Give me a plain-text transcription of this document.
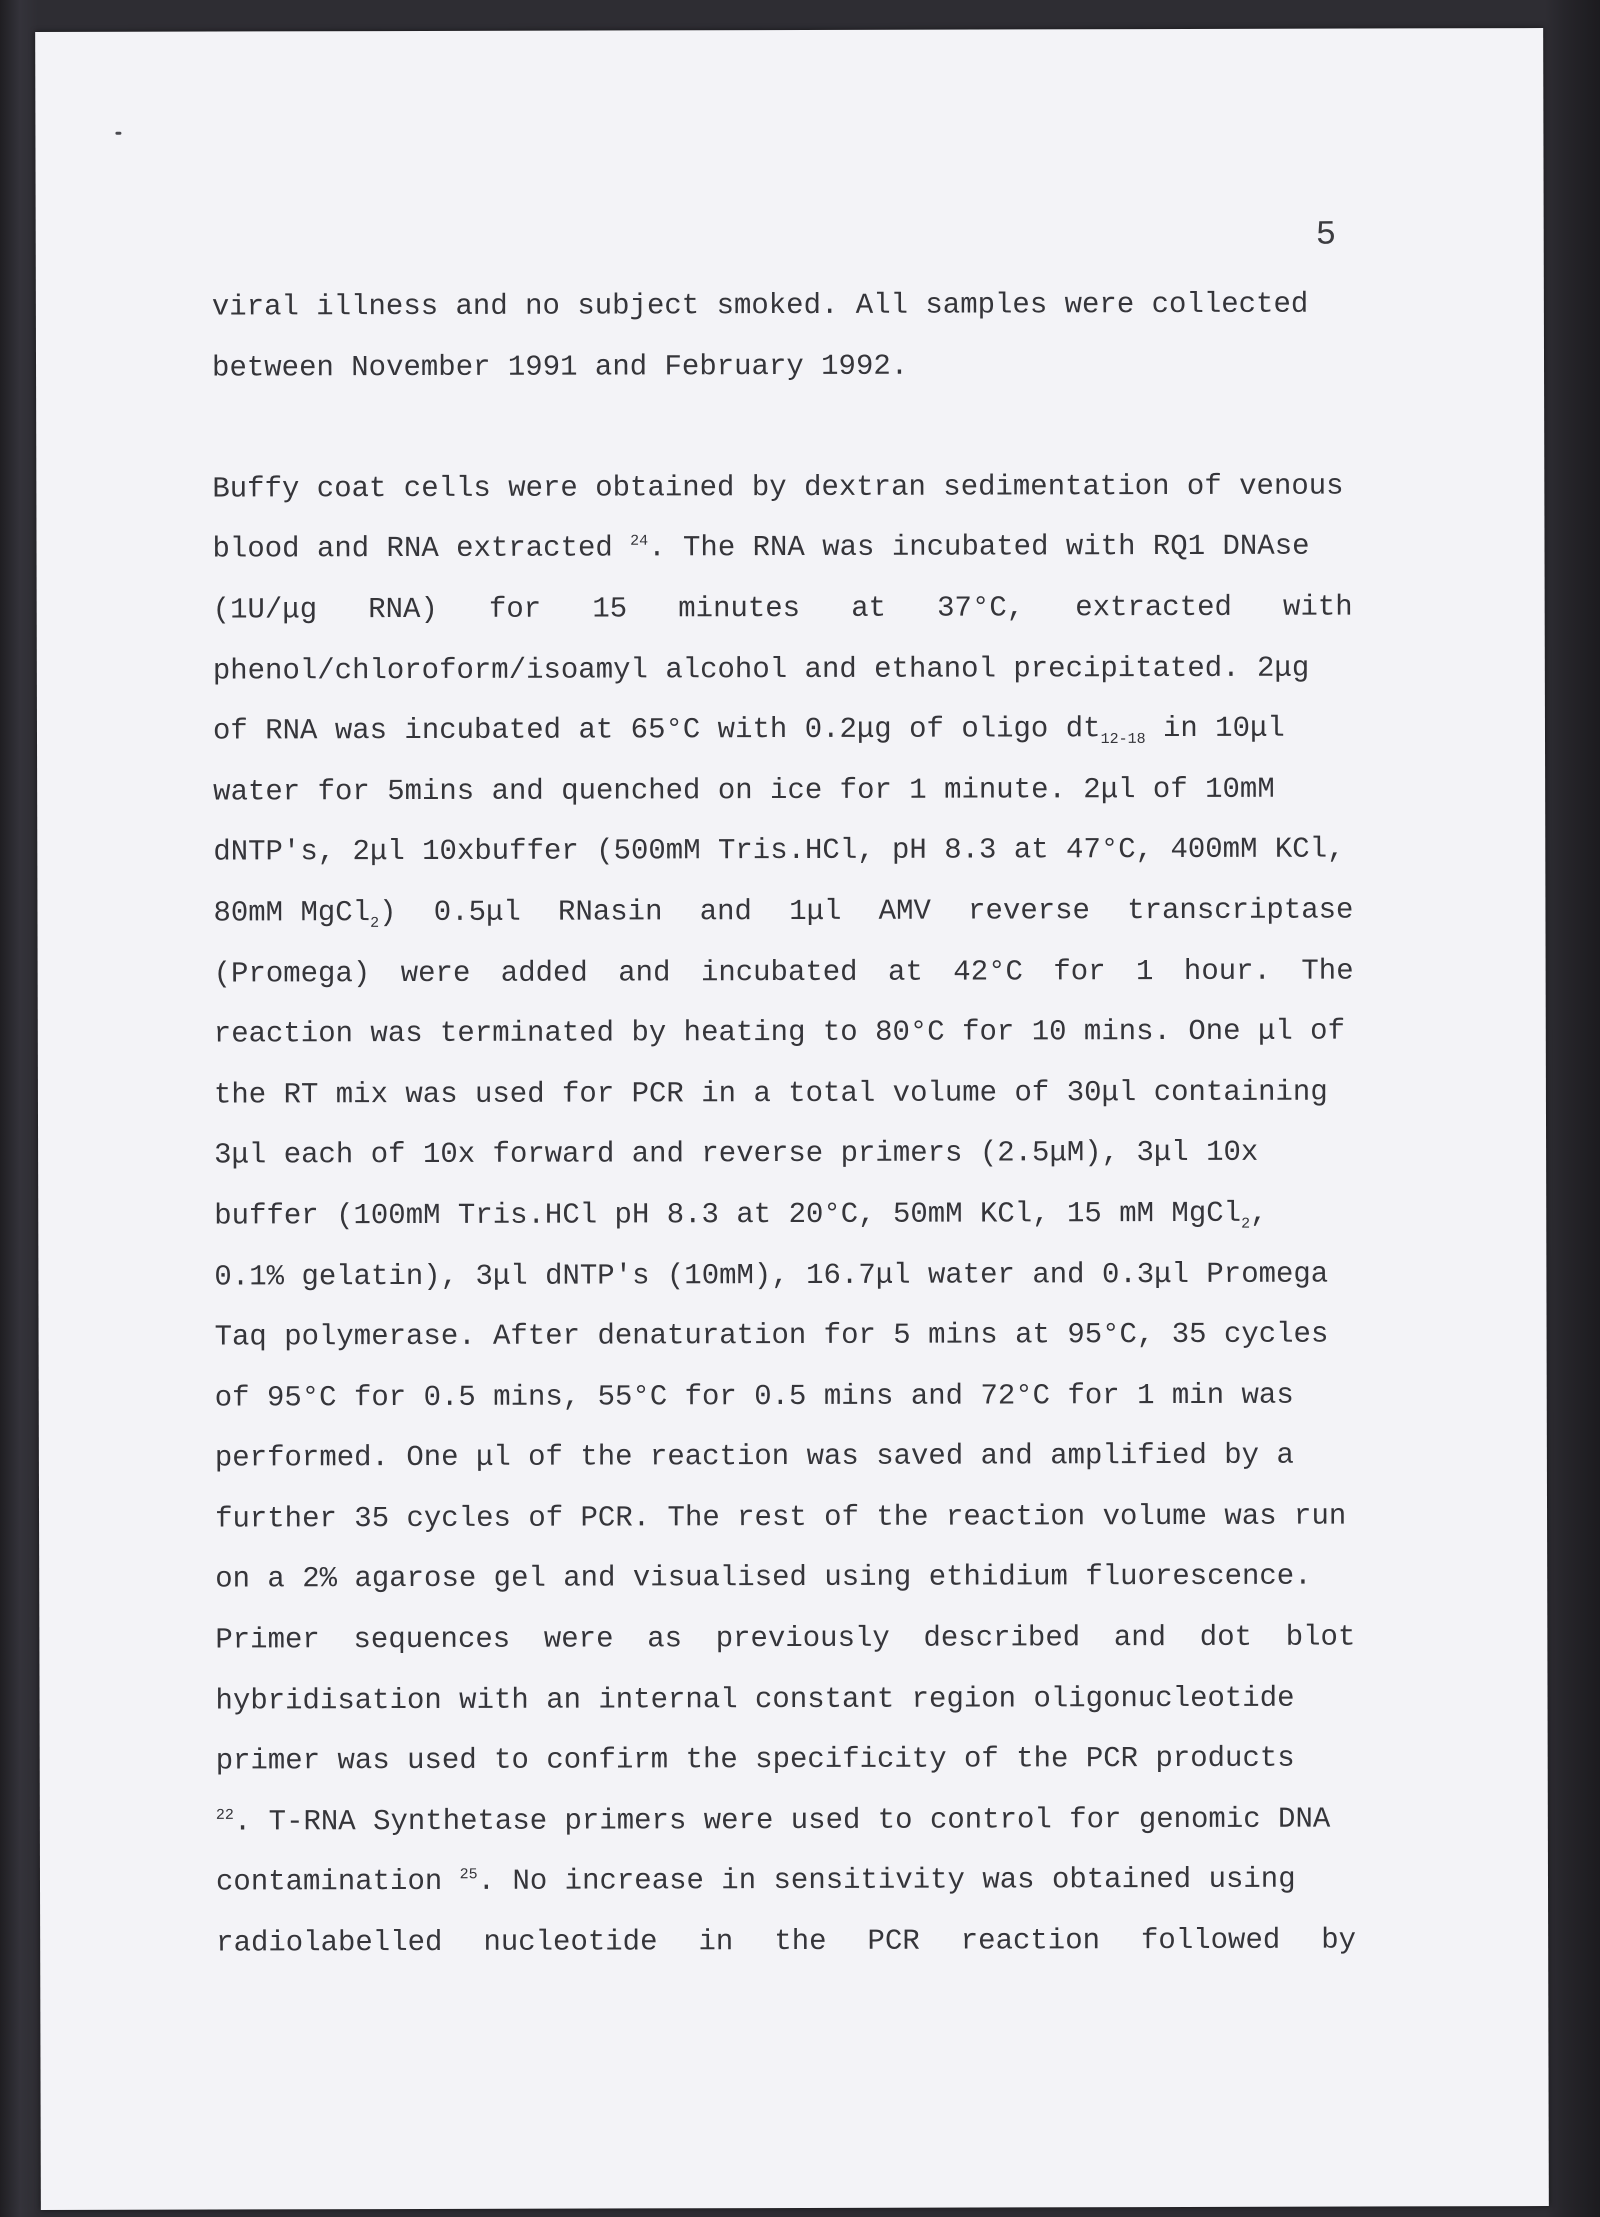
5
viral illness and no subject smoked. All samples were collected
between November 1991 and February 1992.
Buffy coat cells were obtained by dextran sedimentation of venous
blood and RNA extracted $^{24}$. The RNA was incubated with RQ1 DNAse
(1U/μg RNA) for 15 minutes at 37°C, extracted with
phenol/chloroform/isoamyl alcohol and ethanol precipitated. 2μg
of RNA was incubated at 65°C with 0.2μg of oligo $dt_{12-18}$ in 10μl
water for 5mins and quenched on ice for 1 minute. 2μl of 10mM
dNTP's, 2μl 10xbuffer (500mM Tris.HCl, pH 8.3 at 47°C, 400mM KCl,
80mM MgCl$_2$) 0.5μl RNasin and 1μl AMV reverse transcriptase
(Promega) were added and incubated at 42°C for 1 hour. The
reaction was terminated by heating to 80°C for 10 mins. One μl of
the RT mix was used for PCR in a total volume of 30μl containing
3μl each of 10x forward and reverse primers (2.5μM), 3μl 10x
buffer (100mM Tris.HCl pH 8.3 at 20°C, 50mM KCl, 15 mM MgCl$_2$,
0.1% gelatin), 3μl dNTP's (10mM), 16.7μl water and 0.3μl Promega
Taq polymerase. After denaturation for 5 mins at 95°C, 35 cycles
of 95°C for 0.5 mins, 55°C for 0.5 mins and 72°C for 1 min was
performed. One μl of the reaction was saved and amplified by a
further 35 cycles of PCR. The rest of the reaction volume was run
on a 2% agarose gel and visualised using ethidium fluorescence.
Primer sequences were as previously described and dot blot
hybridisation with an internal constant region oligonucleotide
primer was used to confirm the specificity of the PCR products
$^{22}$. T-RNA Synthetase primers were used to control for genomic DNA
contamination $^{25}$. No increase in sensitivity was obtained using
radiolabelled nucleotide in the PCR reaction followed by
